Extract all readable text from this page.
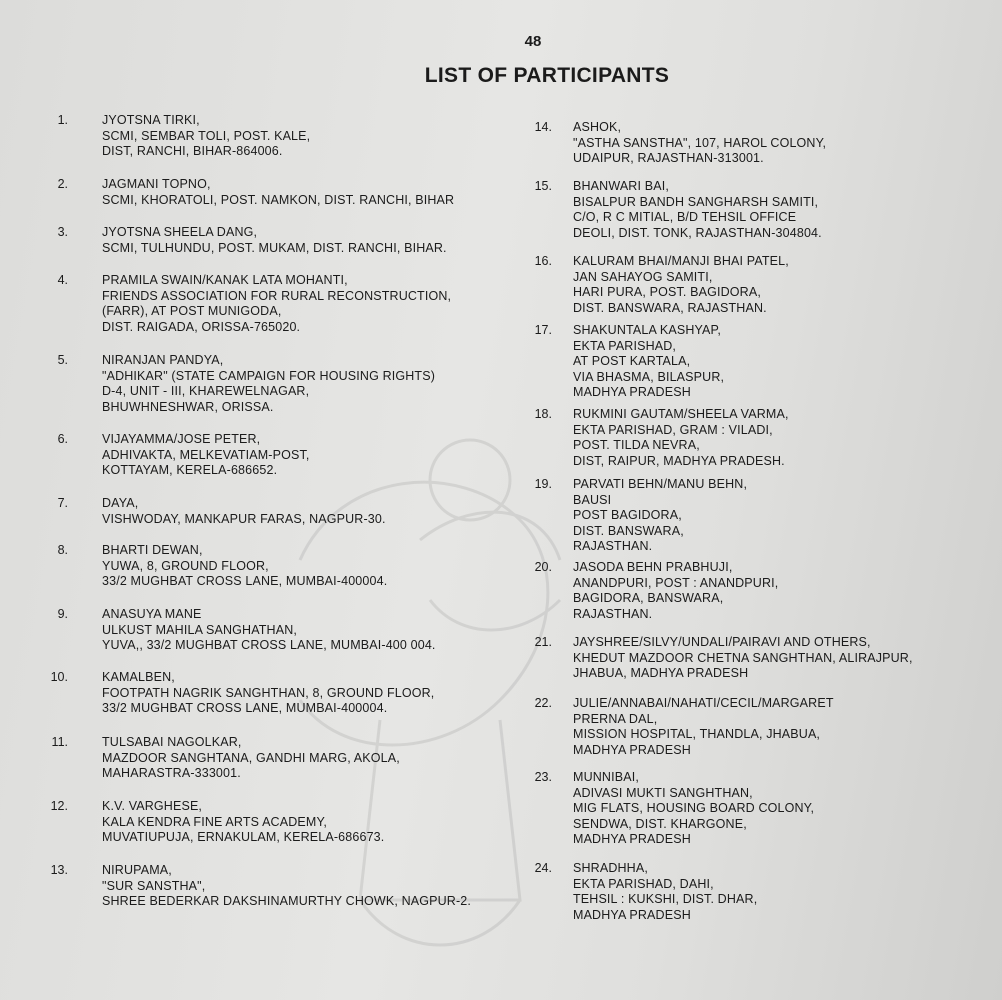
48
LIST OF PARTICIPANTS
1.	JYOTSNA TIRKI,
SCMI, SEMBAR TOLI, POST. KALE,
DIST, RANCHI, BIHAR-864006.
2.	JAGMANI TOPNO,
SCMI, KHORATOLI, POST. NAMKON, DIST. RANCHI, BIHAR
3.	JYOTSNA SHEELA DANG,
SCMI, TULHUNDU, POST. MUKAM, DIST. RANCHI, BIHAR.
4.	PRAMILA SWAIN/KANAK LATA MOHANTI,
FRIENDS ASSOCIATION FOR RURAL RECONSTRUCTION,
(FARR), AT POST MUNIGODA,
DIST. RAIGADA, ORISSA-765020.
5.	NIRANJAN PANDYA,
"ADHIKAR" (STATE CAMPAIGN FOR HOUSING RIGHTS)
D-4, UNIT - III, KHAREWELNAGAR,
BHUWHNESHWAR, ORISSA.
6.	VIJAYAMMA/JOSE PETER,
ADHIVAKTA, MELKEVATIAM-POST,
KOTTAYAM, KERELA-686652.
7.	DAYA,
VISHWODAY, MANKAPUR FARAS, NAGPUR-30.
8.	BHARTI DEWAN,
YUWA, 8, GROUND FLOOR,
33/2 MUGHBAT CROSS LANE, MUMBAI-400004.
9.	ANASUYA MANE
ULKUST MAHILA SANGHATHAN,
YUVA,, 33/2 MUGHBAT CROSS LANE, MUMBAI-400 004.
10.	KAMALBEN,
FOOTPATH NAGRIK SANGHTHAN, 8, GROUND FLOOR,
33/2 MUGHBAT CROSS LANE, MUMBAI-400004.
11.	TULSABAI NAGOLKAR,
MAZDOOR SANGHTANA, GANDHI MARG, AKOLA,
MAHARASTRA-333001.
12.	K.V. VARGHESE,
KALA KENDRA FINE ARTS ACADEMY,
MUVATIUPUJA, ERNAKULAM, KERELA-686673.
13.	NIRUPAMA,
"SUR SANSTHA",
SHREE BEDERKAR DAKSHINAMURTHY CHOWK, NAGPUR-2.
14. ASHOK,
"ASTHA SANSTHA", 107, HAROL COLONY,
UDAIPUR, RAJASTHAN-313001.
15. BHANWARI BAI,
BISALPUR BANDH SANGHARSH SAMITI,
C/O, R C MITIAL, B/D TEHSIL OFFICE
DEOLI, DIST. TONK, RAJASTHAN-304804.
16. KALURAM BHAI/MANJI BHAI PATEL,
JAN SAHAYOG SAMITI,
HARI PURA, POST. BAGIDORA,
DIST. BANSWARA, RAJASTHAN.
17. SHAKUNTALA KASHYAP,
EKTA PARISHAD,
AT POST KARTALA,
VIA BHASMA, BILASPUR,
MADHYA PRADESH
18. RUKMINI GAUTAM/SHEELA VARMA,
EKTA PARISHAD, GRAM : VILADI,
POST. TILDA NEVRA,
DIST, RAIPUR, MADHYA PRADESH.
19. PARVATI BEHN/MANU BEHN,
BAUSI
POST BAGIDORA,
DIST. BANSWARA,
RAJASTHAN.
20. JASODA BEHN PRABHUJI,
ANANDPURI, POST : ANANDPURI,
BAGIDORA, BANSWARA,
RAJASTHAN.
21. JAYSHREE/SILVY/UNDALI/PAIRAVI AND OTHERS,
KHEDUT MAZDOOR CHETNA SANGHTHAN, ALIRAJPUR,
JHABUA, MADHYA PRADESH
22. JULIE/ANNABAI/NAHATI/CECIL/MARGARET
PRERNA DAL,
MISSION HOSPITAL, THANDLA, JHABUA,
MADHYA PRADESH
23. MUNNIBAI,
ADIVASI MUKTI SANGHTHAN,
MIG FLATS, HOUSING BOARD COLONY,
SENDWA, DIST. KHARGONE,
MADHYA PRADESH
24. SHRADHHA,
EKTA PARISHAD, DAHI,
TEHSIL : KUKSHI, DIST. DHAR,
MADHYA PRADESH
